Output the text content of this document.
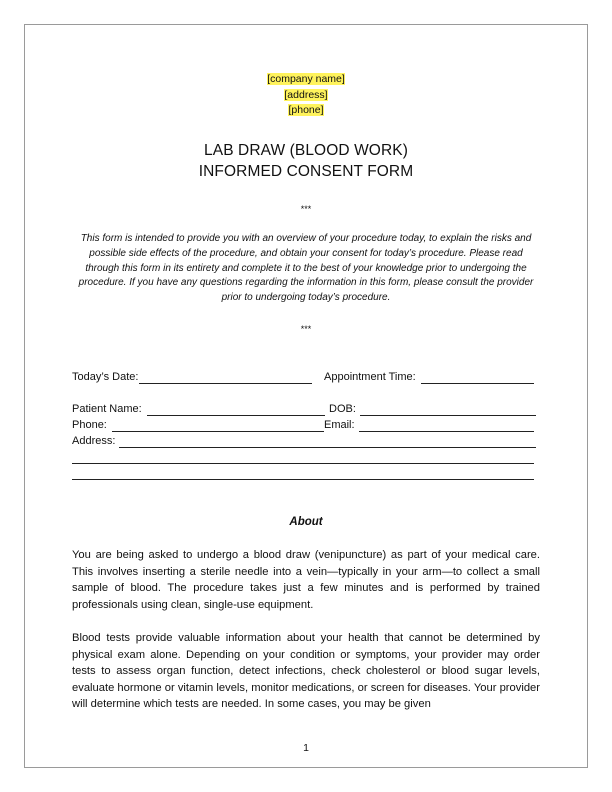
[company name]
[address]
[phone]
LAB DRAW (BLOOD WORK)
INFORMED CONSENT FORM
***
This form is intended to provide you with an overview of your procedure today, to explain the risks and possible side effects of the procedure, and obtain your consent for today’s procedure. Please read through this form in its entirety and complete it to the best of your knowledge prior to undergoing the procedure. If you have any questions regarding the information in this form, please consult the provider prior to undergoing today’s procedure.
***
Today’s Date:	Appointment Time:
Patient Name:	DOB:
Phone:	Email:
Address:
About
You are being asked to undergo a blood draw (venipuncture) as part of your medical care. This involves inserting a sterile needle into a vein—typically in your arm—to collect a small sample of blood. The procedure takes just a few minutes and is performed by trained professionals using clean, single-use equipment.
Blood tests provide valuable information about your health that cannot be determined by physical exam alone. Depending on your condition or symptoms, your provider may order tests to assess organ function, detect infections, check cholesterol or blood sugar levels, evaluate hormone or vitamin levels, monitor medications, or screen for diseases. Your provider will determine which tests are needed. In some cases, you may be given
1
